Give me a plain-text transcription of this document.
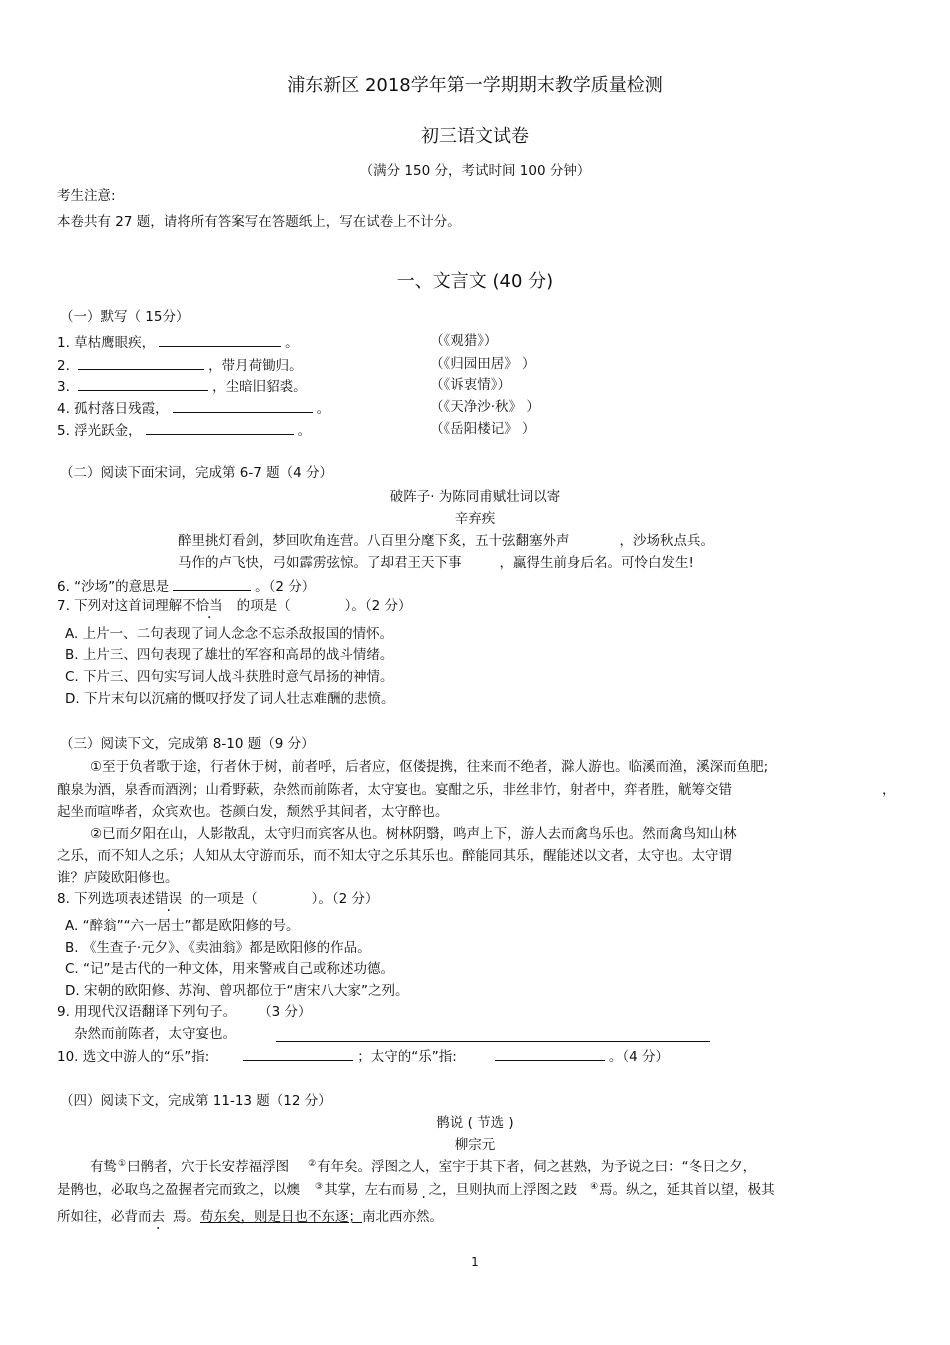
浦东新区 2018学年第一学期期末教学质量检测
初三语文试卷
（满分 150 分，考试时间 100 分钟）
考生注意:
本卷共有 27 题，请将所有答案写在答题纸上，写在试卷上不计分。
一、文言文 (40 分)
（一）默写（ 15分）
1. 草枯鹰眼疾，	。	（《观猎》）
2.	，带月荷锄归。	（《归园田居》 ）
3.	，尘暗旧貂裘。	（《诉衷情》）
4. 孤村落日残霞，	。	（《天净沙·秋》 ）
5. 浮光跃金，	。	（《岳阳楼记》 ）
（二）阅读下面宋词，完成第 6-7 题（4 分）
破阵子· 为陈同甫赋壮词以寄
辛弃疾
醉里挑灯看剑，梦回吹角连营。八百里分麾下炙，五十弦翻塞外声	，沙场秋点兵。
马作的卢飞快，弓如霹雳弦惊。了却君王天下事	，赢得生前身后名。可怜白发生!
6. “沙场”的意思是	。（2 分）
7. 下列对这首词理解不恰当 的项是（	）。（2 分）
A. 上片一、二句表现了词人念念不忘杀敌报国的情怀。
B. 上片三、四句表现了雄壮的军容和高昂的战斗情绪。
C. 下片三、四句实写词人战斗获胜时意气昂扬的神情。
D. 下片末句以沉痛的慨叹抒发了词人壮志难酬的悲愤。
（三）阅读下文，完成第 8-10 题（9 分）
①至于负者歌于途，行者休于树，前者呼，后者应，伛偻提携，往来而不绝者，滁人游也。临溪而渔，溪深而鱼肥;
酿泉为酒，泉香而酒洌；山肴野蔌，杂然而前陈者，太守宴也。宴酣之乐，非丝非竹，射者中，弈者胜，觥筹交错	，
起坐而喧哗者，众宾欢也。苍颜白发，颓然乎其间者，太守醉也。
②已而夕阳在山，人影散乱，太守归而宾客从也。树林阴翳，鸣声上下，游人去而禽鸟乐也。然而禽鸟知山林
之乐，而不知人之乐；人知从太守游而乐，而不知太守之乐其乐也。醉能同其乐，醒能述以文者，太守也。太守谓
谁？庐陵欧阳修也。
8. 下列选项表述错误 的一项是（	）。（2 分）
A. “醉翁”“六一居士”都是欧阳修的号。
B. 《生查子·元夕》、《卖油翁》都是欧阳修的作品。
C. “记”是古代的一种文体，用来警戒自己或称述功德。
D. 宋朝的欧阳修、苏洵、曾巩都位于“唐宋八大家”之列。
9. 用现代汉语翻译下列句子。 （3 分）
杂然而前陈者，太守宴也。
10. 选文中游人的“乐”指:	；太守的“乐”指:	。（4 分）
（四）阅读下文，完成第 11-13 题（12 分）
鹘说 ( 节选 )
柳宗元
有鸷①曰鹘者，穴于长安荐福浮图 ②有年矣。浮图之人，室宇于其下者，伺之甚熟，为予说之曰：“冬日之夕，
是鹘也，必取鸟之盈握者完而致之，以燠 ③其掌，左右而易 之，旦则执而上浮图之跂 ④焉。纵之，延其首以望，极其
所如往，必背而去 焉。苟东矣，则是日也不东逐；南北西亦然。
1
